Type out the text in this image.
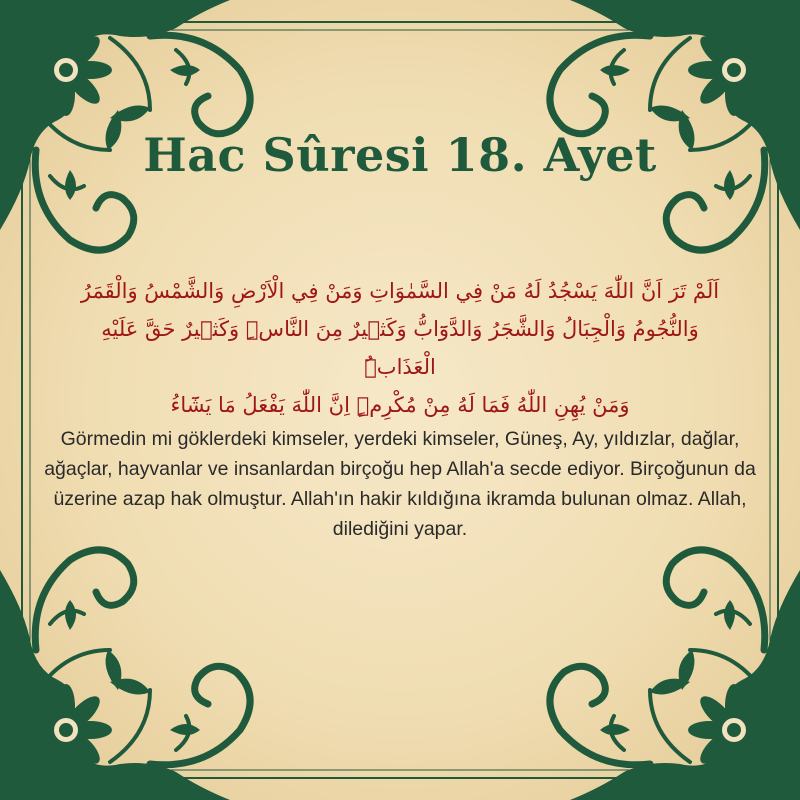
Hac Sûresi 18. Ayet
اَلَمْ تَرَ اَنَّ اللّٰهَ يَسْجُدُ لَهُ مَنْ فِي السَّمٰوَاتِ وَمَنْ فِي الْاَرْضِ وَالشَّمْسُ وَالْقَمَرُ
وَالنُّجُومُ وَالْجِبَالُ وَالشَّجَرُ وَالدَّوَٓابُّ وَكَث۪يرٌ مِنَ النَّاسِۜ وَكَث۪يرٌ حَقَّ عَلَيْهِ الْعَذَابُۜ
وَمَنْ يُهِنِ اللّٰهُ فَمَا لَهُ مِنْ مُكْرِمٍۜ اِنَّ اللّٰهَ يَفْعَلُ مَا يَشَٓاءُ

Görmedin mi göklerdeki kimseler, yerdeki kimseler, Güneş, Ay, yıldızlar, dağlar, ağaçlar, hayvanlar ve insanlardan birçoğu hep Allah'a secde ediyor. Birçoğunun da üzerine azap hak olmuştur. Allah'ın hakir kıldığına ikramda bulunan olmaz. Allah, dilediğini yapar.
